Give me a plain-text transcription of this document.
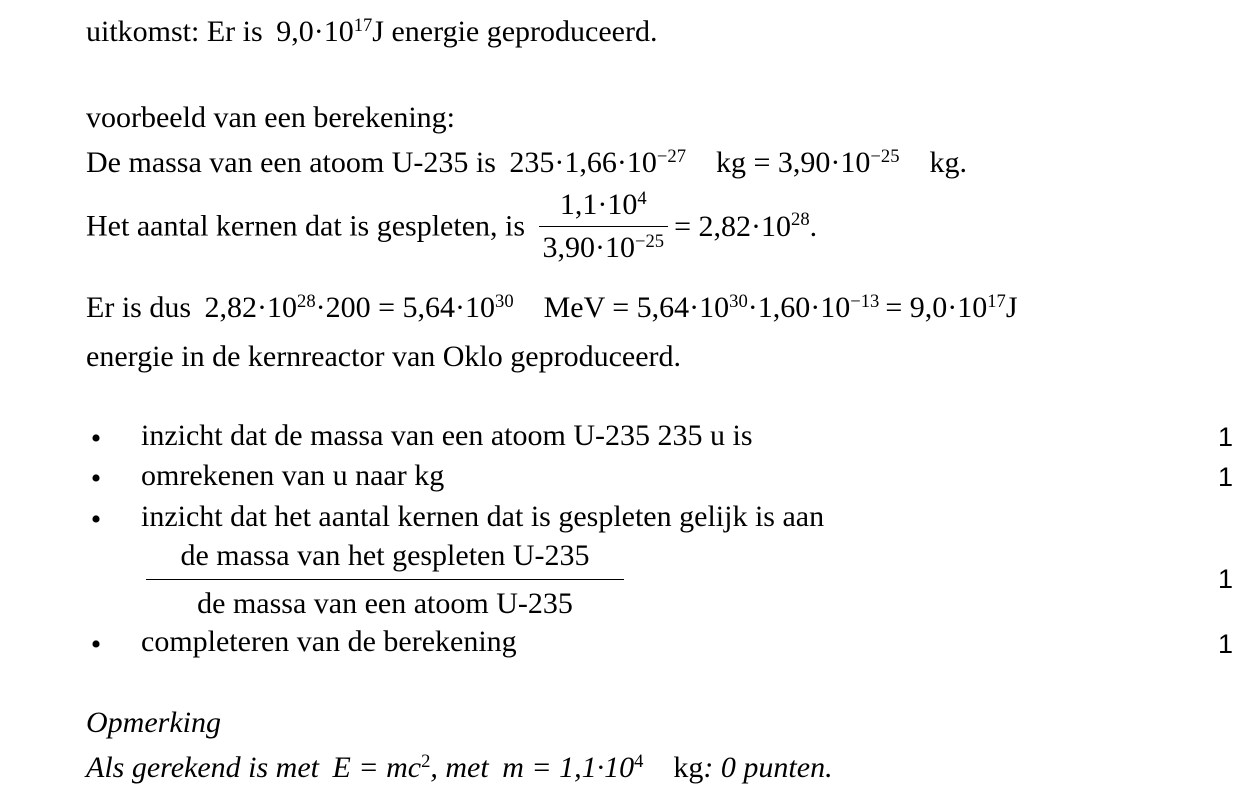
uitkomst: Er is   $9,0\cdot 10^{17}J$ energie geproduceerd.
voorbeeld van een berekening:
De massa van een atoom U-235 is   $235\cdot 1,66\cdot 10^{-27}$  kg = $3,90\cdot 10^{-25}$  kg.
Het aantal kernen dat is gespleten, is $\frac{1,1\cdot 10^4}{3,90\cdot 10^{-25}} = 2,82\cdot 10^{28}$.
Er is dus   $2,82\cdot 10^{28}\cdot 200 = 5,64\cdot 10^{30}$  MeV = $5,64\cdot 10^{30}\cdot 1,60\cdot 10^{-13} = 9,0\cdot 10^{17}J$
energie in de kernreactor van Oklo geproduceerd.
• inzicht dat de massa van een atoom U-235 235 u is	1
• omrekenen van u naar kg	1
• inzicht dat het aantal kernen dat is gespleten gelijk is aan
de massa van het gespleten U-235
de massa van een atoom U-235
1
• completeren van de berekening	1
Opmerking
Als gerekend is met   $E = mc^2$, met   $m = 1,1\cdot 10^4$  kg: 0 punten.
